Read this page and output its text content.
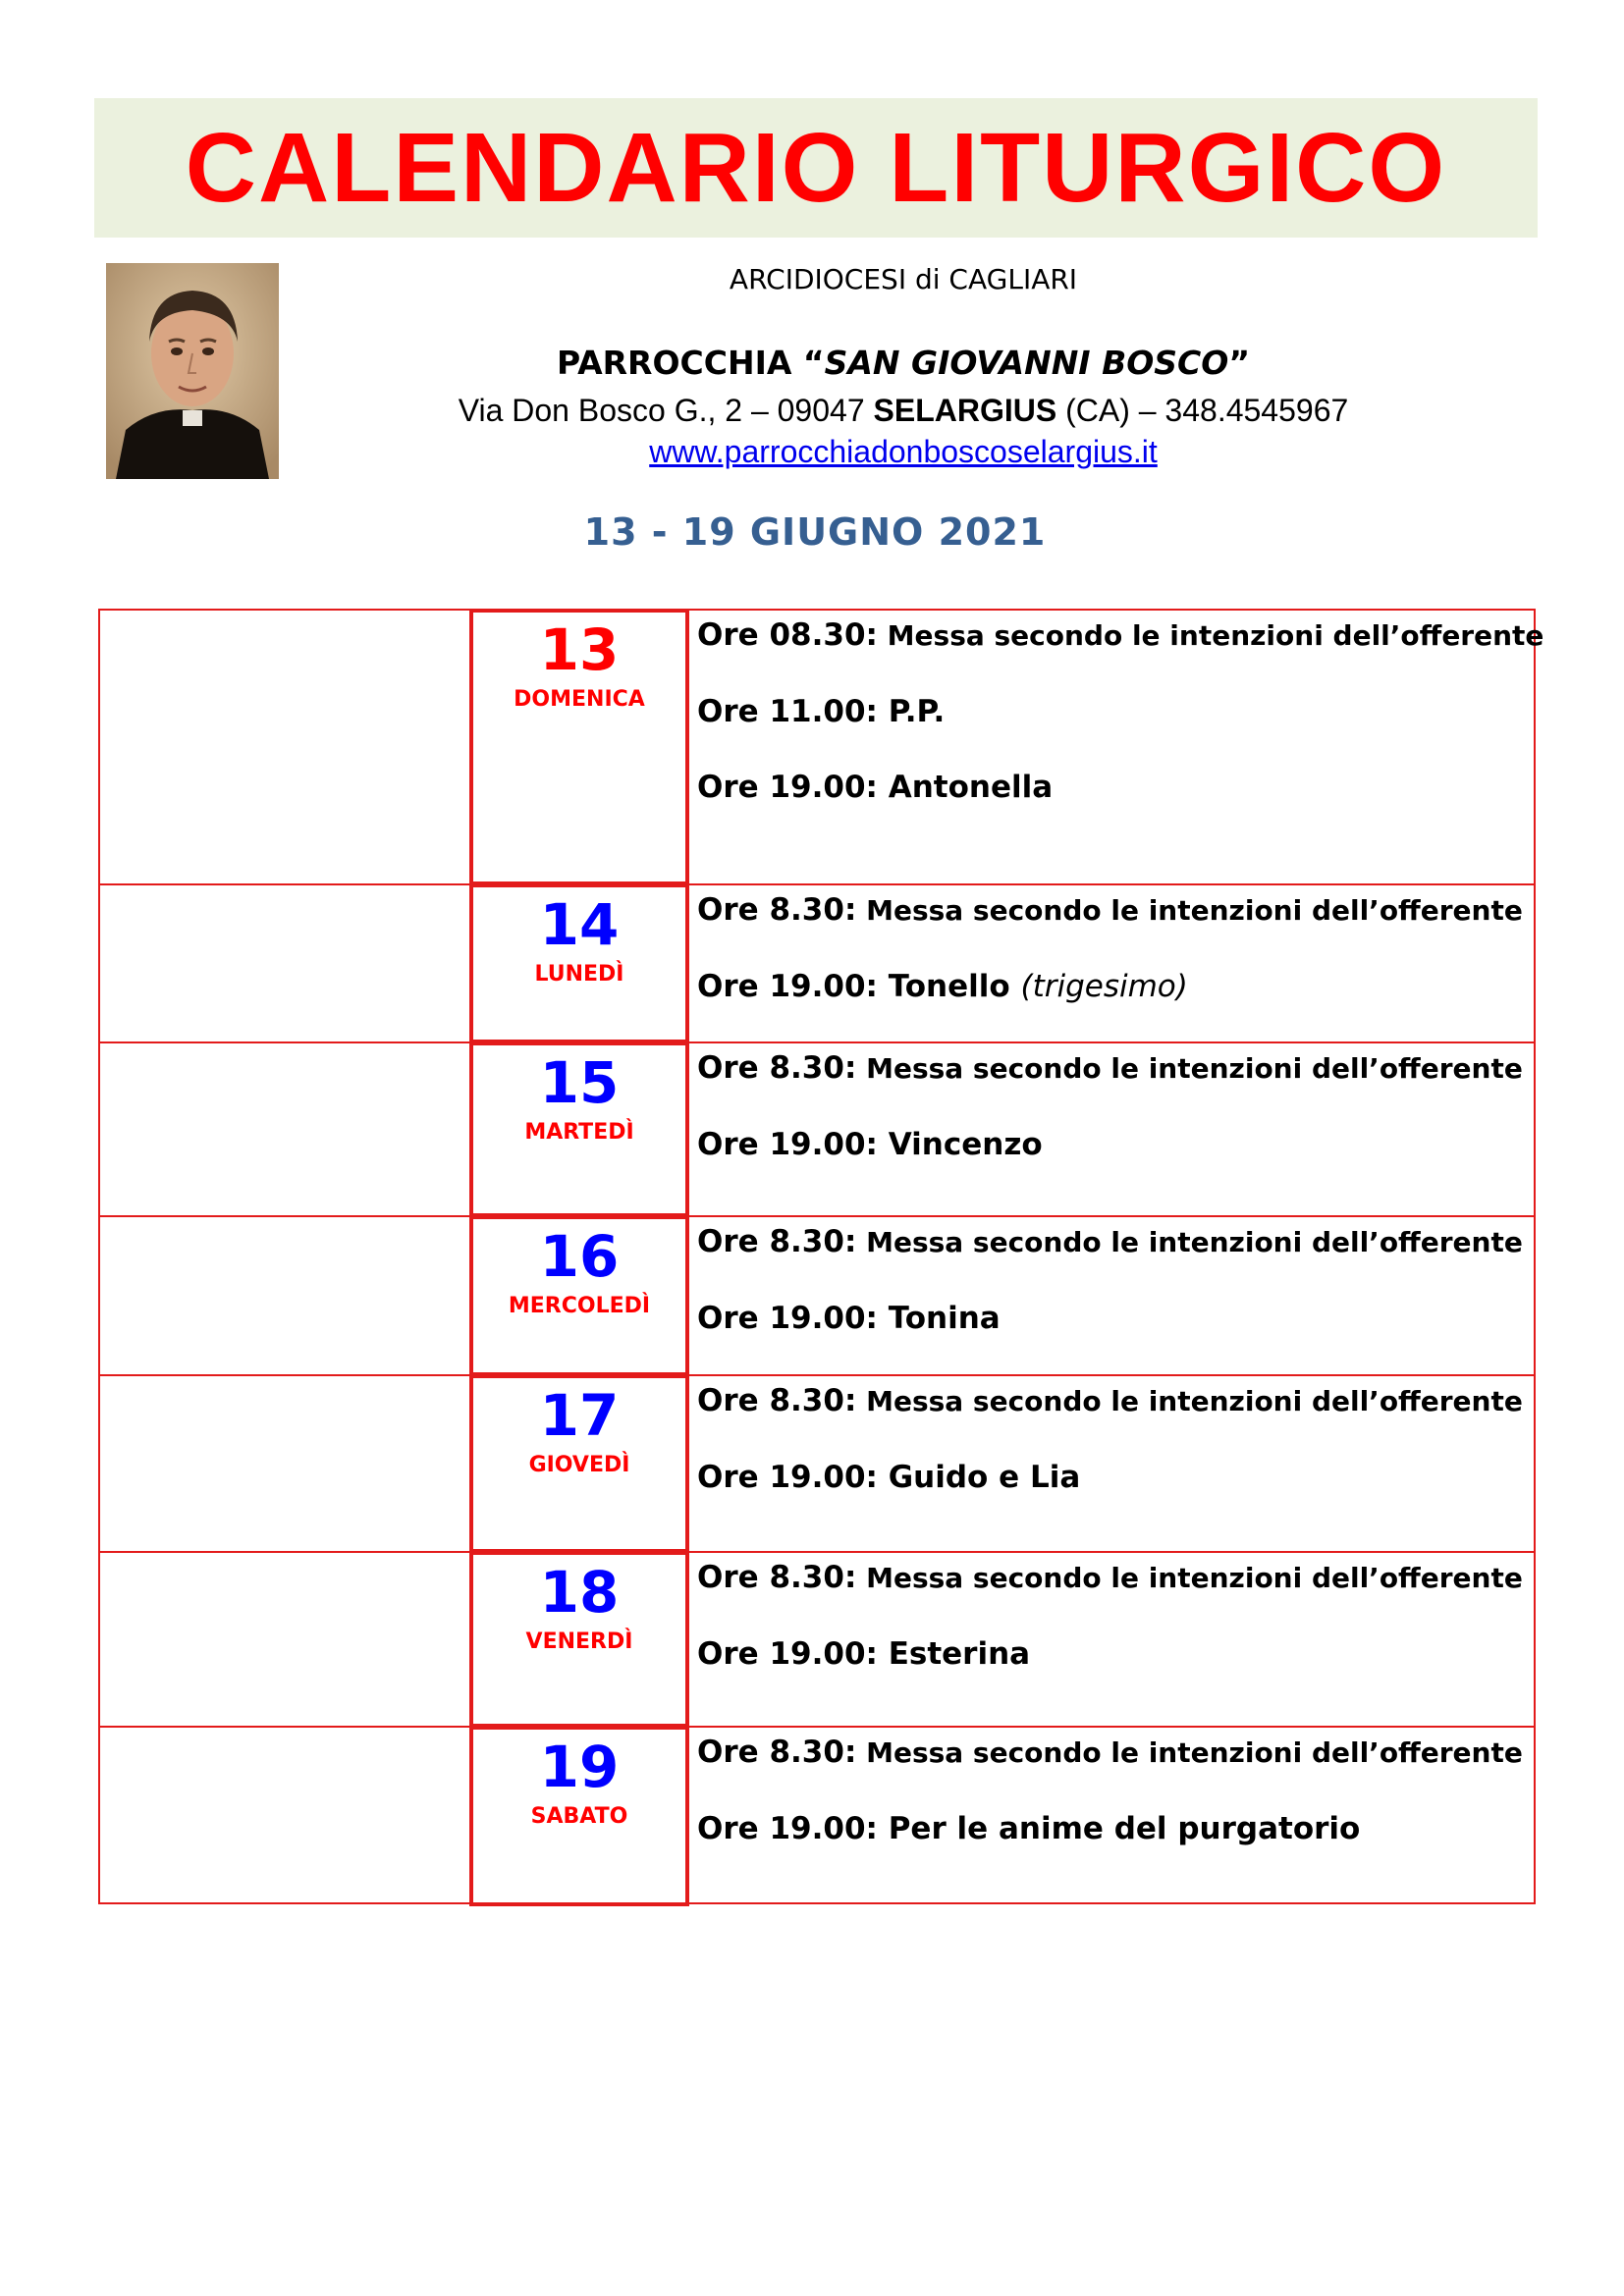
CALENDARIO LITURGICO
ARCIDIOCESI di CAGLIARI
PARROCCHIA “SAN GIOVANNI BOSCO”
Via Don Bosco G., 2 – 09047 SELARGIUS (CA) – 348.4545967
www.parrocchiadonboscoselargius.it
13 - 19 GIUGNO 2021
13
DOMENICA
Ore 08.30: Messa secondo le intenzioni dell’offerente
Ore 11.00: P.P.
Ore 19.00: Antonella
14
LUNEDÌ
Ore 8.30: Messa secondo le intenzioni dell’offerente
Ore 19.00: Tonello (trigesimo)
15
MARTEDÌ
Ore 8.30: Messa secondo le intenzioni dell’offerente
Ore 19.00: Vincenzo
16
MERCOLEDÌ
Ore 8.30: Messa secondo le intenzioni dell’offerente
Ore 19.00: Tonina
17
GIOVEDÌ
Ore 8.30: Messa secondo le intenzioni dell’offerente
Ore 19.00: Guido e Lia
18
VENERDÌ
Ore 8.30: Messa secondo le intenzioni dell’offerente
Ore 19.00: Esterina
19
SABATO
Ore 8.30: Messa secondo le intenzioni dell’offerente
Ore 19.00: Per le anime del purgatorio
